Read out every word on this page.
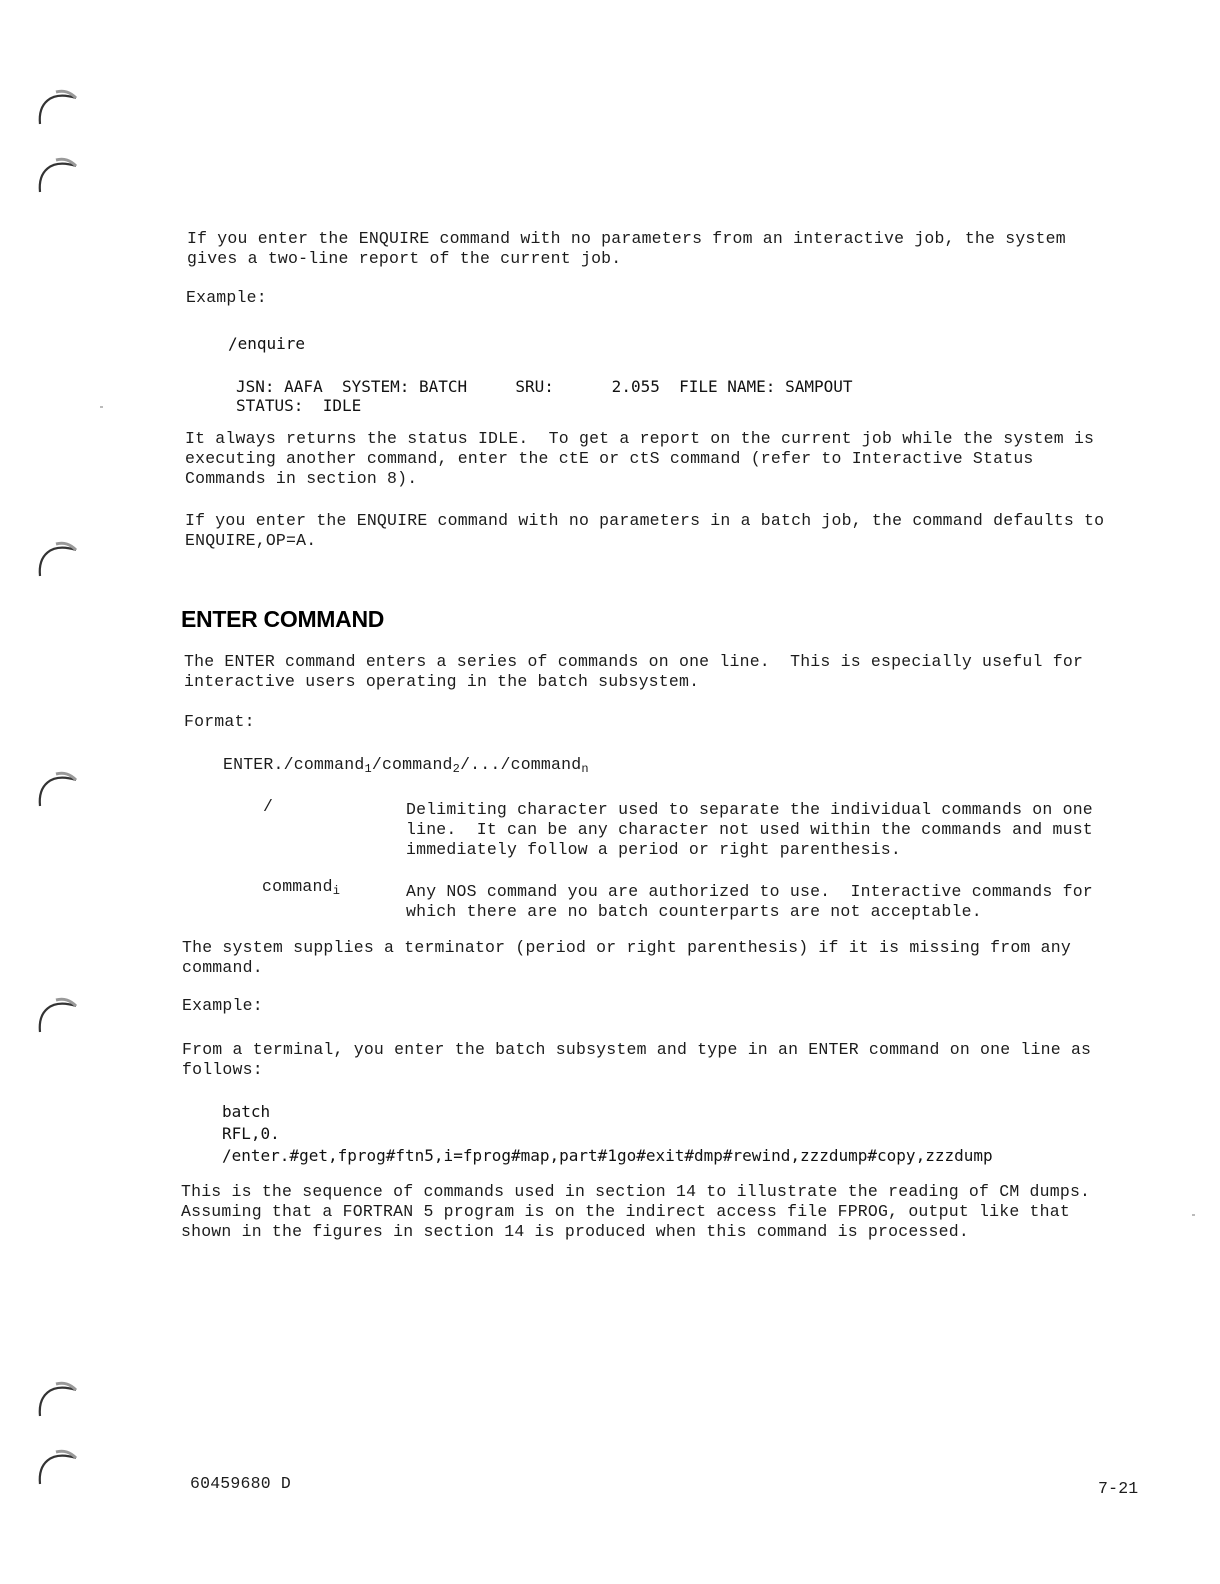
If you enter the ENQUIRE command with no parameters from an interactive job, the system
gives a two-line report of the current job.

Example:

/enquire

JSN: AAFA  SYSTEM: BATCH     SRU:      2.055  FILE NAME: SAMPOUT

STATUS:  IDLE

It always returns the status IDLE.  To get a report on the current job while the system is
executing another command, enter the ctE or ctS command (refer to Interactive Status
Commands in section 8).

If you enter the ENQUIRE command with no parameters in a batch job, the command defaults to
ENQUIRE,OP=A.

ENTER COMMAND

The ENTER command enters a series of commands on one line.  This is especially useful for
interactive users operating in the batch subsystem.

Format:

ENTER./command$_1$/command$_2$/.../command$_n$

/	Delimiting character used to separate the individual commands on one
line.  It can be any character not used within the commands and must
immediately follow a period or right parenthesis.

command$_i$	Any NOS command you are authorized to use.  Interactive commands for
which there are no batch counterparts are not acceptable.

The system supplies a terminator (period or right parenthesis) if it is missing from any
command.

Example:

From a terminal, you enter the batch subsystem and type in an ENTER command on one line as
follows:

batch

RFL,0.

/enter.#get,fprog#ftn5,i=fprog#map,part#1go#exit#dmp#rewind,zzzdump#copy,zzzdump

This is the sequence of commands used in section 14 to illustrate the reading of CM dumps.
Assuming that a FORTRAN 5 program is on the indirect access file FPROG, output like that
shown in the figures in section 14 is produced when this command is processed.

60459680 D	7-21
